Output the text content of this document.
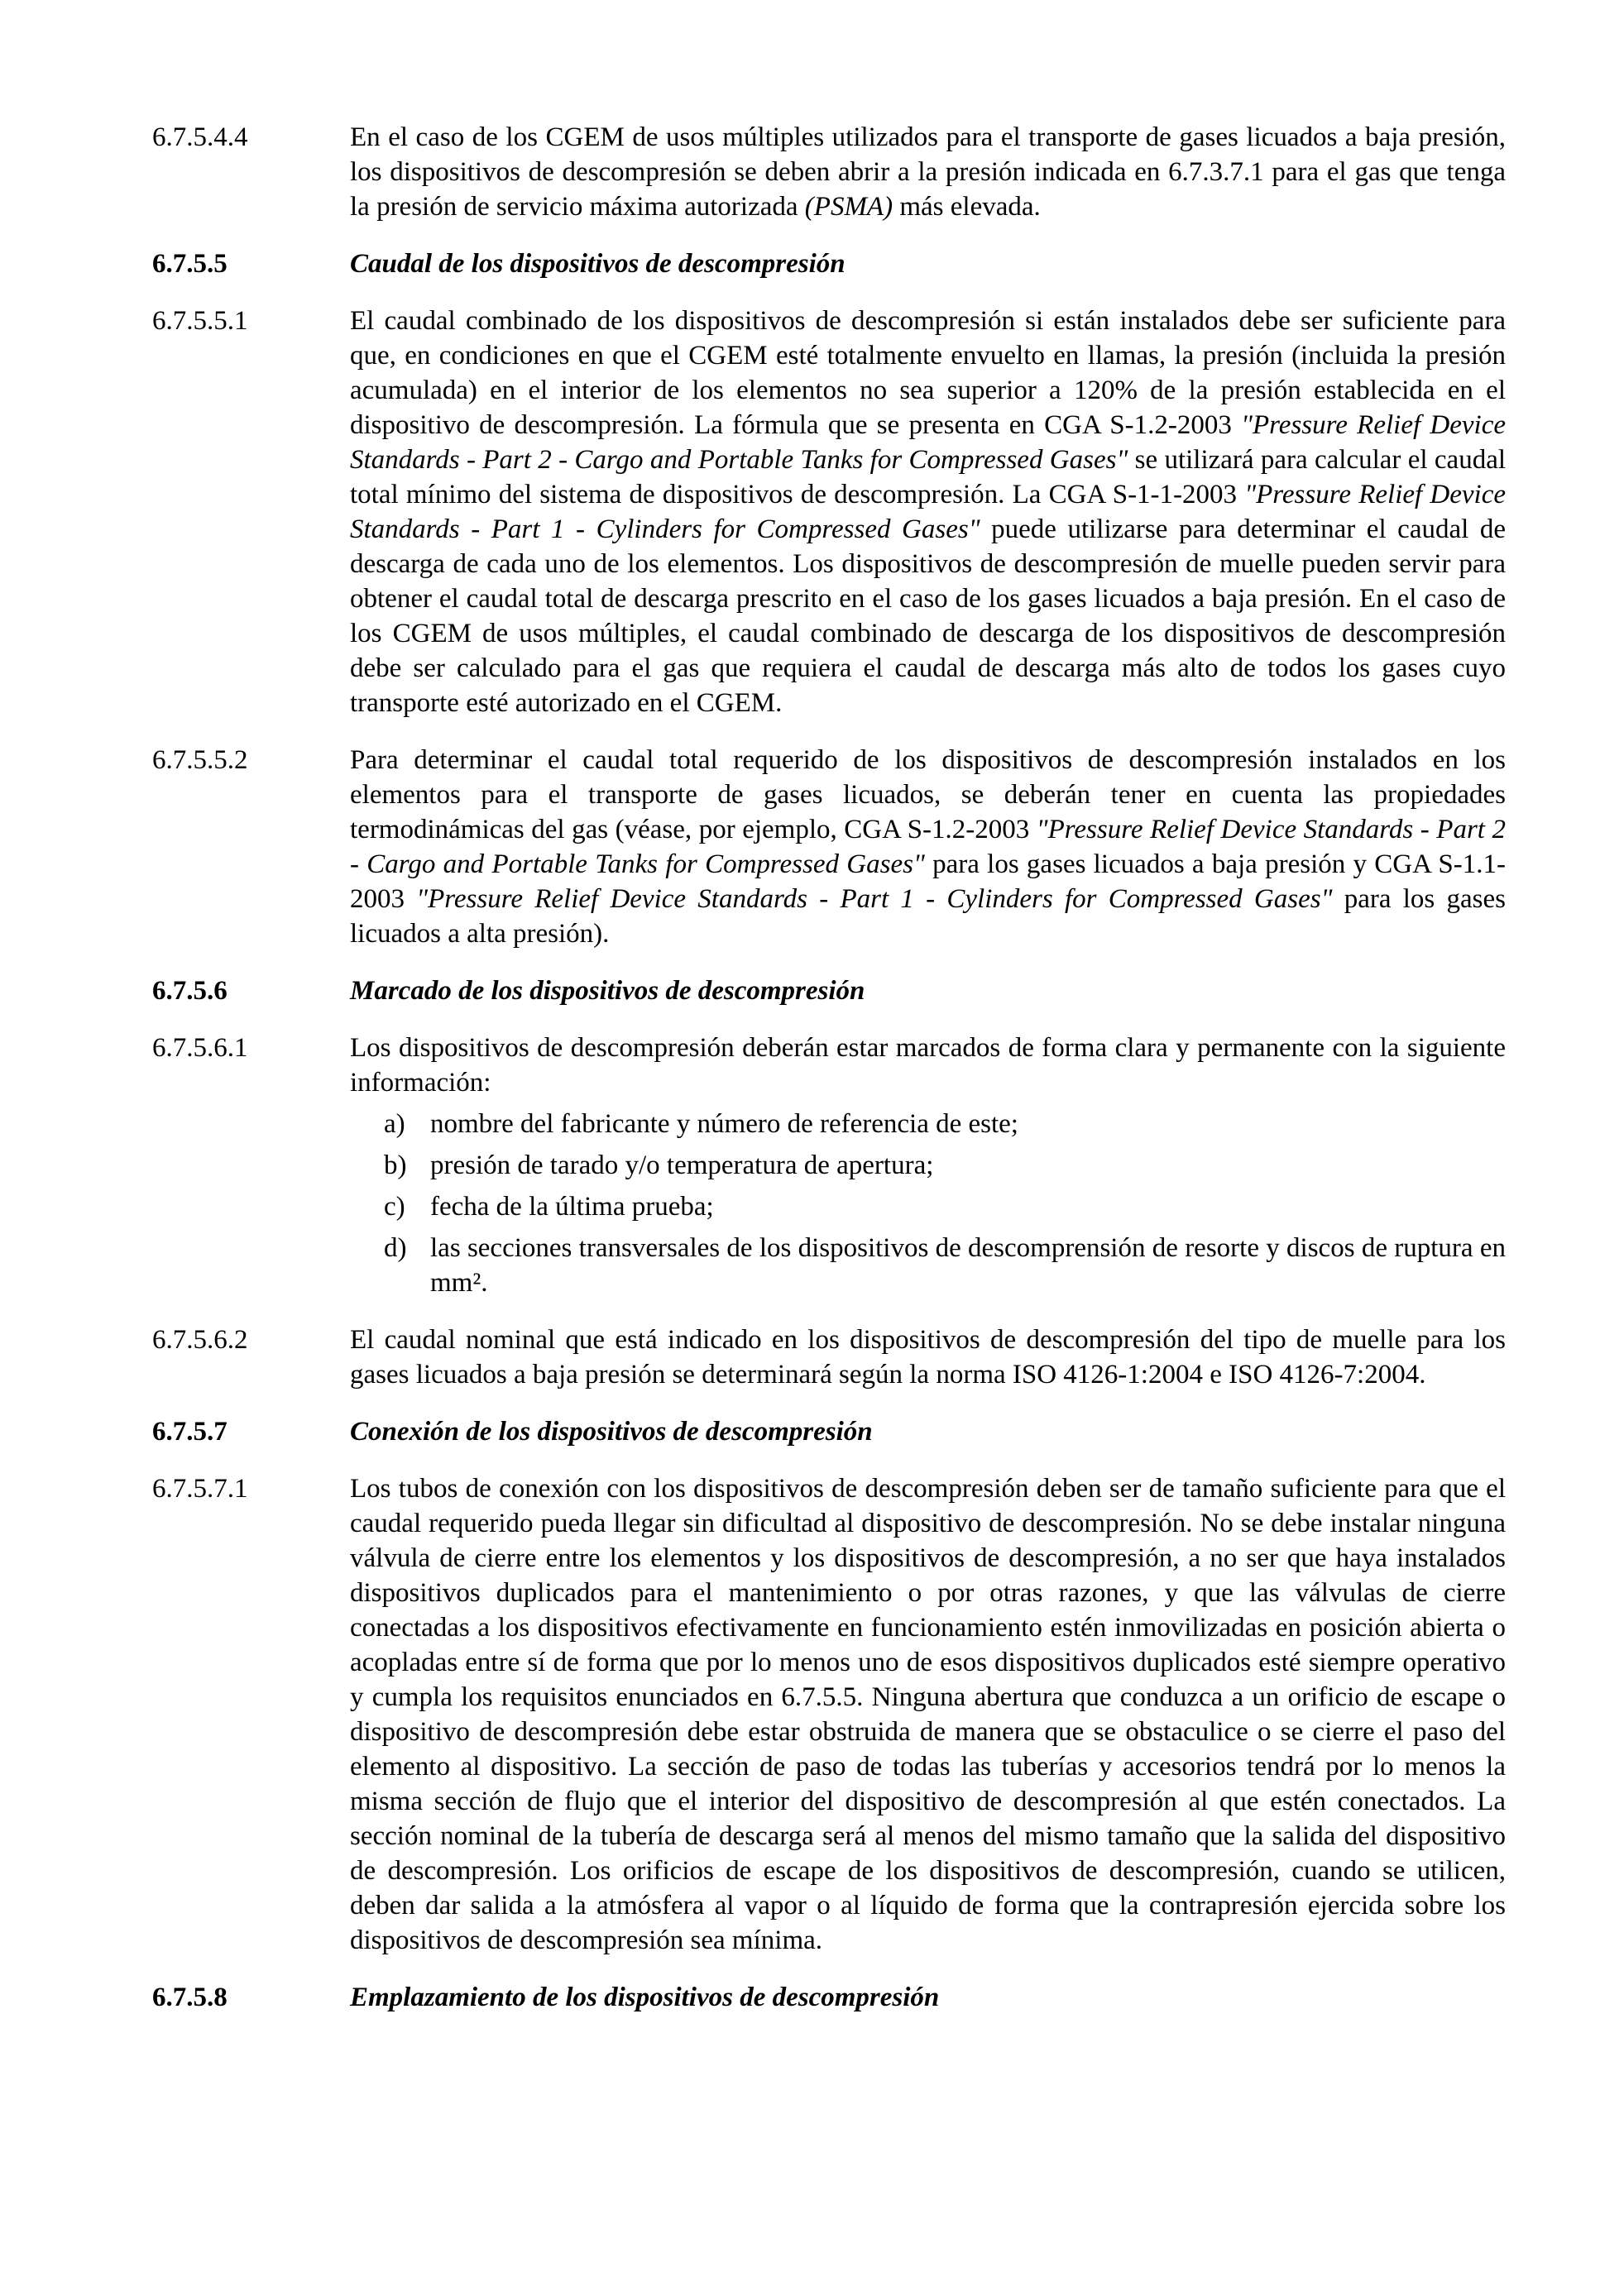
6.7.5.4.4	En el caso de los CGEM de usos múltiples utilizados para el transporte de gases licuados a baja presión, los dispositivos de descompresión se deben abrir a la presión indicada en 6.7.3.7.1 para el gas que tenga la presión de servicio máxima autorizada (PSMA) más elevada.
6.7.5.5	Caudal de los dispositivos de descompresión
6.7.5.5.1	El caudal combinado de los dispositivos de descompresión si están instalados debe ser suficiente para que, en condiciones en que el CGEM esté totalmente envuelto en llamas, la presión (incluida la presión acumulada) en el interior de los elementos no sea superior a 120% de la presión establecida en el dispositivo de descompresión. La fórmula que se presenta en CGA S-1.2-2003 "Pressure Relief Device Standards - Part 2 - Cargo and Portable Tanks for Compressed Gases" se utilizará para calcular el caudal total mínimo del sistema de dispositivos de descompresión. La CGA S-1-1-2003 "Pressure Relief Device Standards - Part 1 - Cylinders for Compressed Gases" puede utilizarse para determinar el caudal de descarga de cada uno de los elementos. Los dispositivos de descompresión de muelle pueden servir para obtener el caudal total de descarga prescrito en el caso de los gases licuados a baja presión. En el caso de los CGEM de usos múltiples, el caudal combinado de descarga de los dispositivos de descompresión debe ser calculado para el gas que requiera el caudal de descarga más alto de todos los gases cuyo transporte esté autorizado en el CGEM.
6.7.5.5.2	Para determinar el caudal total requerido de los dispositivos de descompresión instalados en los elementos para el transporte de gases licuados, se deberán tener en cuenta las propiedades termodinámicas del gas (véase, por ejemplo, CGA S-1.2-2003 "Pressure Relief Device Standards - Part 2 - Cargo and Portable Tanks for Compressed Gases" para los gases licuados a baja presión y CGA S-1.1-2003 "Pressure Relief Device Standards - Part 1 - Cylinders for Compressed Gases" para los gases licuados a alta presión).
6.7.5.6	Marcado de los dispositivos de descompresión
6.7.5.6.1	Los dispositivos de descompresión deberán estar marcados de forma clara y permanente con la siguiente información:
a) nombre del fabricante y número de referencia de este;
b) presión de tarado y/o temperatura de apertura;
c) fecha de la última prueba;
d) las secciones transversales de los dispositivos de descomprensión de resorte y discos de ruptura en mm².
6.7.5.6.2	El caudal nominal que está indicado en los dispositivos de descompresión del tipo de muelle para los gases licuados a baja presión se determinará según la norma ISO 4126-1:2004 e ISO 4126-7:2004.
6.7.5.7	Conexión de los dispositivos de descompresión
6.7.5.7.1	Los tubos de conexión con los dispositivos de descompresión deben ser de tamaño suficiente para que el caudal requerido pueda llegar sin dificultad al dispositivo de descompresión. No se debe instalar ninguna válvula de cierre entre los elementos y los dispositivos de descompresión, a no ser que haya instalados dispositivos duplicados para el mantenimiento o por otras razones, y que las válvulas de cierre conectadas a los dispositivos efectivamente en funcionamiento estén inmovilizadas en posición abierta o acopladas entre sí de forma que por lo menos uno de esos dispositivos duplicados esté siempre operativo y cumpla los requisitos enunciados en 6.7.5.5. Ninguna abertura que conduzca a un orificio de escape o dispositivo de descompresión debe estar obstruida de manera que se obstaculice o se cierre el paso del elemento al dispositivo. La sección de paso de todas las tuberías y accesorios tendrá por lo menos la misma sección de flujo que el interior del dispositivo de descompresión al que estén conectados. La sección nominal de la tubería de descarga será al menos del mismo tamaño que la salida del dispositivo de descompresión. Los orificios de escape de los dispositivos de descompresión, cuando se utilicen, deben dar salida a la atmósfera al vapor o al líquido de forma que la contrapresión ejercida sobre los dispositivos de descompresión sea mínima.
6.7.5.8	Emplazamiento de los dispositivos de descompresión
